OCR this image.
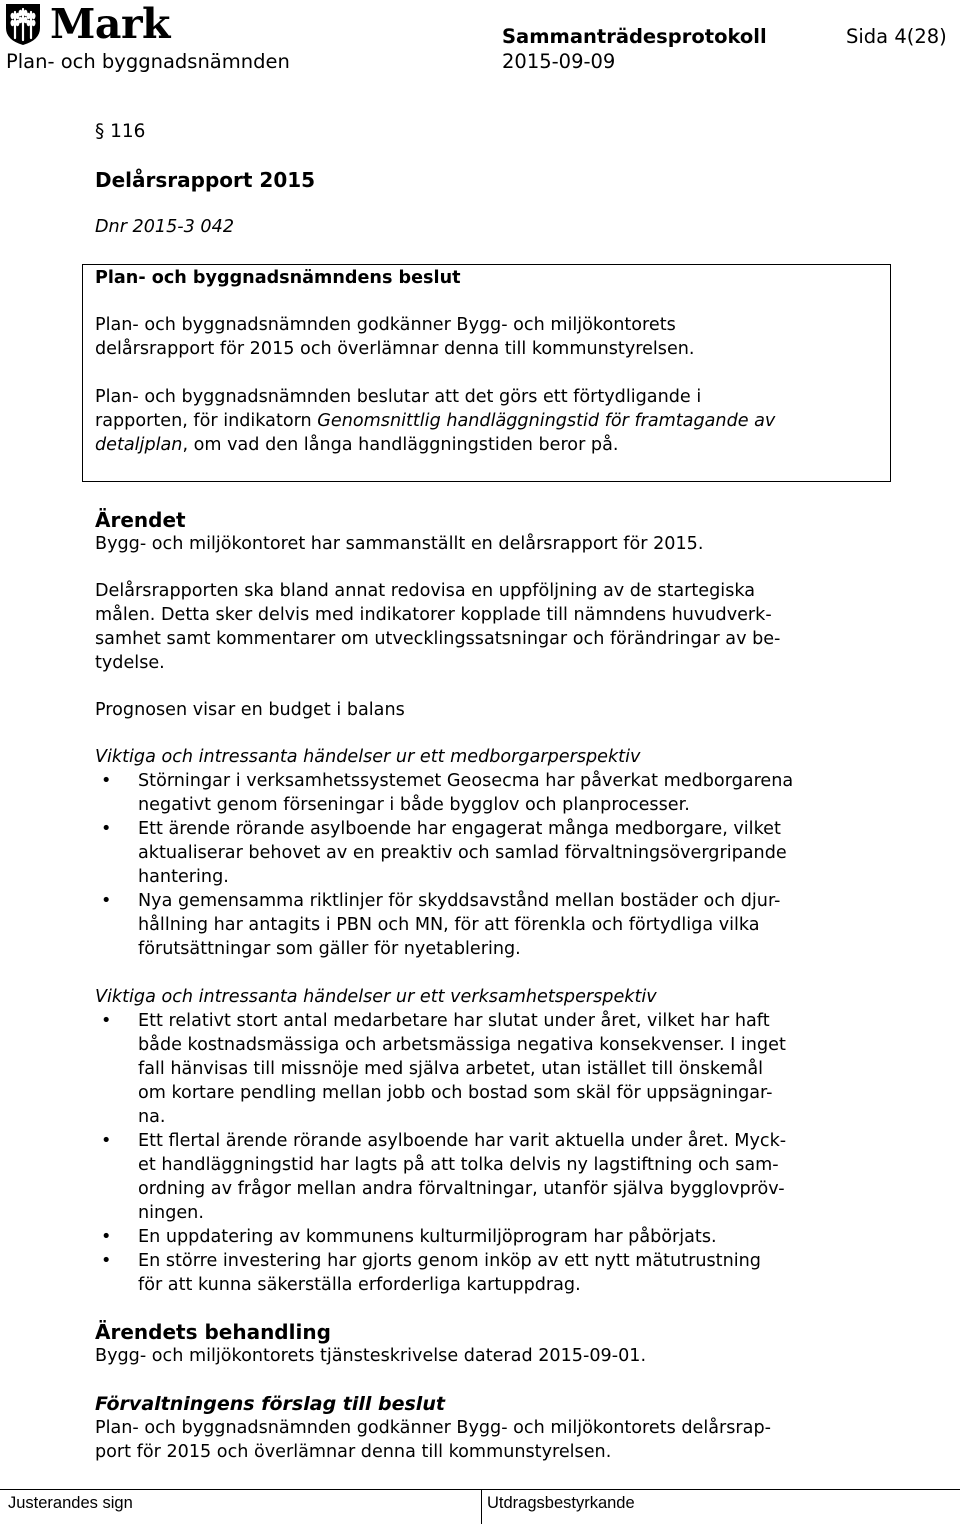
Mark
Plan- och byggnadsnämnden
Sammanträdesprotokoll	Sida 4(28)
2015-09-09

§ 116

Delårsrapport 2015

Dnr 2015-3 042

Plan- och byggnadsnämndens beslut

Plan- och byggnadsnämnden godkänner Bygg- och miljökontorets
delårsrapport för 2015 och överlämnar denna till kommunstyrelsen.
Plan- och byggnadsnämnden beslutar att det görs ett förtydligande i
rapporten, för indikatorn Genomsnittlig handläggningstid för framtagande av
detaljplan, om vad den långa handläggningstiden beror på.

Ärendet

Bygg- och miljökontoret har sammanställt en delårsrapport för 2015.

Delårsrapporten ska bland annat redovisa en uppföljning av de startegiska
målen. Detta sker delvis med indikatorer kopplade till nämndens huvudverk-
samhet samt kommentarer om utvecklingssatsningar och förändringar av be-
tydelse.

Prognosen visar en budget i balans

Viktiga och intressanta händelser ur ett medborgarperspektiv

• Störningar i verksamhetssystemet Geosecma har påverkat medborgarena
negativt genom förseningar i både bygglov och planprocesser.
• Ett ärende rörande asylboende har engagerat många medborgare, vilket
aktualiserar behovet av en preaktiv och samlad förvaltningsövergripande
hantering.
• Nya gemensamma riktlinjer för skyddsavstånd mellan bostäder och djur-
hållning har antagits i PBN och MN, för att förenkla och förtydliga vilka
förutsättningar som gäller för nyetablering.

Viktiga och intressanta händelser ur ett verksamhetsperspektiv

• Ett relativt stort antal medarbetare har slutat under året, vilket har haft
både kostnadsmässiga och arbetsmässiga negativa konsekvenser. I inget
fall hänvisas till missnöje med själva arbetet, utan istället till önskemål
om kortare pendling mellan jobb och bostad som skäl för uppsägningar-
na.
• Ett flertal ärende rörande asylboende har varit aktuella under året. Myck-
et handläggningstid har lagts på att tolka delvis ny lagstiftning och sam-
ordning av frågor mellan andra förvaltningar, utanför själva bygglovpröv-
ningen.
• En uppdatering av kommunens kulturmiljöprogram har påbörjats.
• En större investering har gjorts genom inköp av ett nytt mätutrustning
för att kunna säkerställa erforderliga kartuppdrag.

Ärendets behandling

Bygg- och miljökontorets tjänsteskrivelse daterad 2015-09-01.

Förvaltningens förslag till beslut

Plan- och byggnadsnämnden godkänner Bygg- och miljökontorets delårsrap-
port för 2015 och överlämnar denna till kommunstyrelsen.
Justerandes sign	Utdragsbestyrkande
